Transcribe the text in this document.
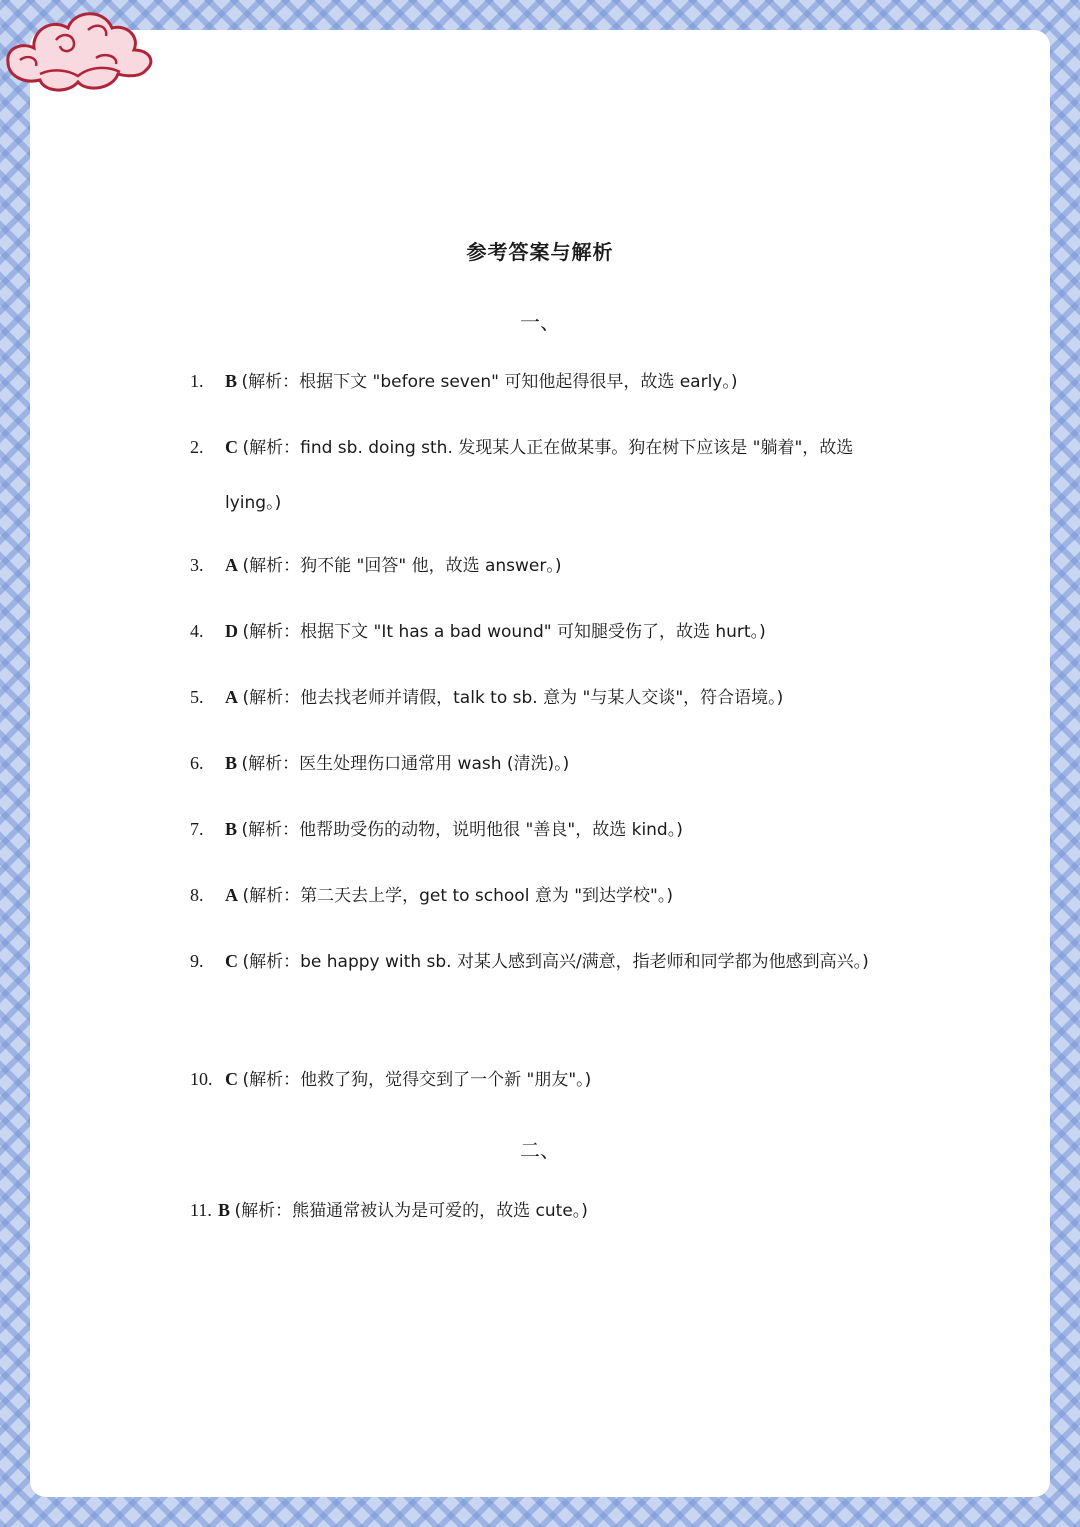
参考答案与解析
一、
1. B (解析：根据下文 "before seven" 可知他起得很早，故选 early。)
2. C (解析：find sb. doing sth. 发现某人正在做某事。狗在树下应该是 "躺着"，故选 lying。)
3. A (解析：狗不能 "回答" 他，故选 answer。)
4. D (解析：根据下文 "It has a bad wound" 可知腿受伤了，故选 hurt。)
5. A (解析：他去找老师并请假，talk to sb. 意为 "与某人交谈"，符合语境。)
6. B (解析：医生处理伤口通常用 wash (清洗)。)
7. B (解析：他帮助受伤的动物，说明他很 "善良"，故选 kind。)
8. A (解析：第二天去上学，get to school 意为 "到达学校"。)
9. C (解析：be happy with sb. 对某人感到高兴/满意，指老师和同学都为他感到高兴。)
10. C (解析：他救了狗，觉得交到了一个新 "朋友"。)
二、
11. B (解析：熊猫通常被认为是可爱的，故选 cute。)
